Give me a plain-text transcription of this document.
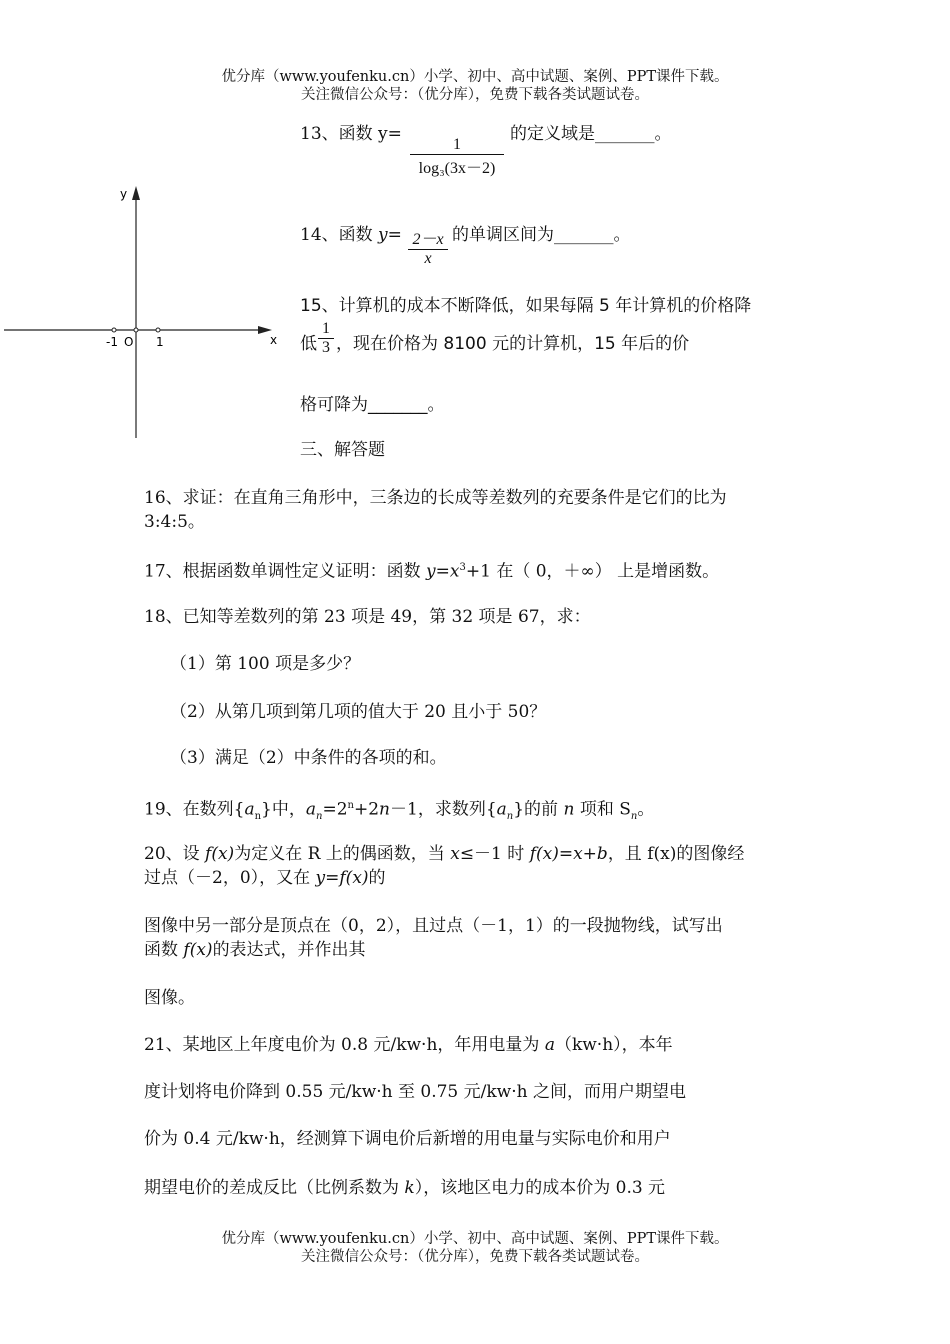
优分库（www.youfenku.cn）小学、初中、高中试题、案例、PPT课件下载。
关注微信公众号：（优分库），免费下载各类试题试卷。
y
x
-1 O 1
13、函数 y=
$\frac{1}{\text{log₃(3x－2)}}$
的定义域是_______。
14、函数 $y= \frac{2-x}{x}$ 的单调区间为_______。
15、计算机的成本不断降低，如果每隔 5 年计算机的价格降
低 $\frac{1}{3}$ ，现在价格为 8100 元的计算机，15 年后的价
格可降为_______。
三、解答题
16、求证：在直角三角形中，三条边的长成等差数列的充要条件是它们的比为
3:4:5。
17、根据函数单调性定义证明：函数 $y=x^3+1$ 在（ 0，＋∞） 上是增函数。
18、已知等差数列的第 23 项是 49，第 32 项是 67，求：
（1）第 100 项是多少？
（2）从第几项到第几项的值大于 20 且小于 50？
（3）满足（2）中条件的各项的和。
19、在数列$\{a_n\}$中，$a_n=2^n+2n-1$，求数列$\{a_n\}$的前 n 项和 $S_n$。
20、设 f(x)为定义在 R 上的偶函数，当 x≤－1 时 f(x)=x+b，且 f(x)的图像经
过点（－2，0），又在 y=f(x)的
图像中另一部分是顶点在（0，2），且过点（－1，1）的一段抛物线，试写出
函数 f(x)的表达式，并作出其
图像。
21、某地区上年度电价为 0.8 元/kw·h，年用电量为 a（kw·h），本年
度计划将电价降到 0.55 元/kw·h 至 0.75 元/kw·h 之间，而用户期望电
价为 0.4 元/kw·h，经测算下调电价后新增的用电量与实际电价和用户
期望电价的差成反比（比例系数为 k），该地区电力的成本价为 0.3 元
优分库（www.youfenku.cn）小学、初中、高中试题、案例、PPT课件下载。
关注微信公众号：（优分库），免费下载各类试题试卷。
